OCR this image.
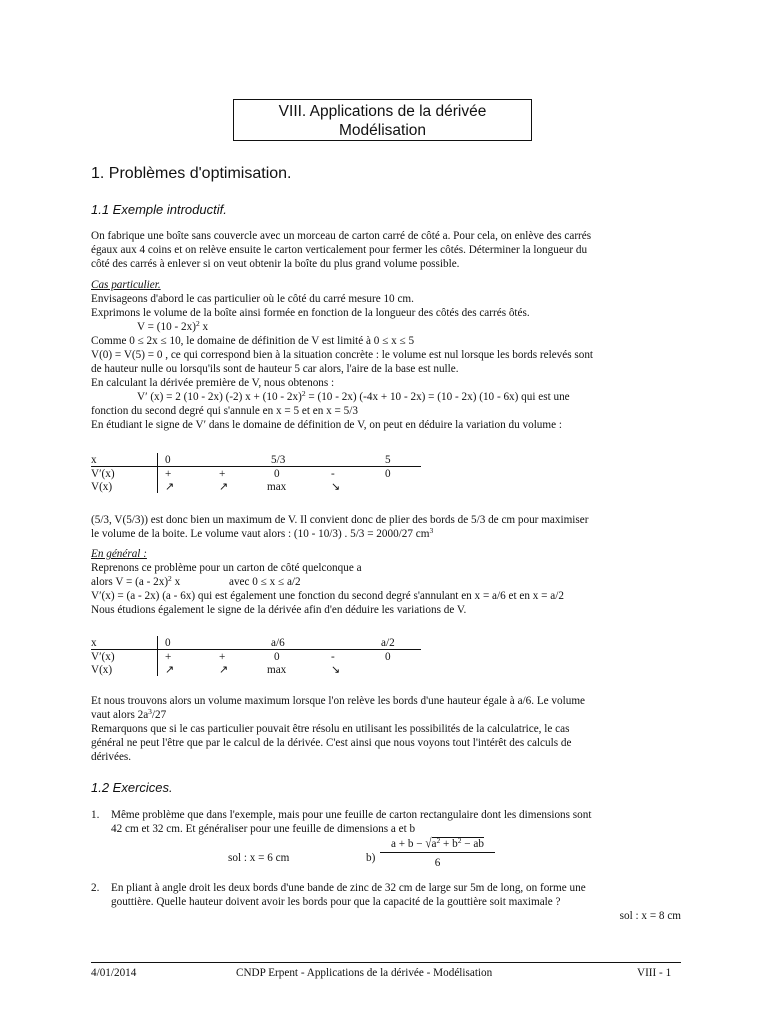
VIII. Applications de la dérivée
Modélisation
1. Problèmes d'optimisation.
1.1 Exemple introductif.
On fabrique une boîte sans couvercle avec un morceau de carton carré de côté a. Pour cela, on enlève des carrés
égaux aux 4 coins et on relève ensuite le carton verticalement pour fermer les côtés. Déterminer la longueur du
côté des carrés à enlever si on veut obtenir la boîte du plus grand volume possible.
Cas particulier.
Envisageons d'abord le cas particulier où le côté du carré mesure 10 cm.
Exprimons le volume de la boîte ainsi formée en fonction de la longueur des côtés des carrés ôtés.
V = (10 - 2x)$^2$ x
Comme 0 ≤ 2x ≤ 10, le domaine de définition de V est limité à 0 ≤ x ≤ 5
V(0) = V(5) = 0 , ce qui correspond bien à la situation concrète : le volume est nul lorsque les bords relevés sont
de hauteur nulle ou lorsqu'ils sont de hauteur 5 car alors, l'aire de la base est nulle.
En calculant la dérivée première de V, nous obtenons :
V′ (x) = 2 (10 - 2x) (-2) x + (10 - 2x)$^2$ = (10 - 2x) (-4x + 10 - 2x) = (10 - 2x) (10 - 6x) qui est une
fonction du second degré qui s'annule en x = 5 et en x = 5/3
En étudiant le signe de V′ dans le domaine de définition de V, on peut en déduire la variation du volume :
x	0	5/3	5
V′(x)	+	+	0	-	0
V(x)	↗	↗	max	↘
(5/3, V(5/3)) est donc bien un maximum de V. Il convient donc de plier des bords de 5/3 de cm pour maximiser
le volume de la boite. Le volume vaut alors : (10 - 10/3) . 5/3 = 2000/27 $cm^3$
En général :
Reprenons ce problème pour un carton de côté quelconque a
alors V = (a - 2x)$^2$ x	avec 0 ≤ x ≤ a/2
V′(x) = (a - 2x) (a - 6x) qui est également une fonction du second degré s'annulant en x = a/6 et en x = a/2
Nous étudions également le signe de la dérivée afin d'en déduire les variations de V.
x	0	a/6	a/2
V′(x)	+	+	0	-	0
V(x)	↗	↗	max	↘
Et nous trouvons alors un volume maximum lorsque l'on relève les bords d'une hauteur égale à a/6. Le volume
vaut alors $2a^3/27$
Remarquons que si le cas particulier pouvait être résolu en utilisant les possibilités de la calculatrice, le cas
général ne peut l'être que par le calcul de la dérivée. C'est ainsi que nous voyons tout l'intérêt des calculs de
dérivées.
1.2 Exercices.
1. Même problème que dans l'exemple, mais pour une feuille de carton rectangulaire dont les dimensions sont
42 cm et 32 cm. Et généraliser pour une feuille de dimensions a et b
sol : x = 6 cm	$b) \frac{a + b - √a^2 + b^2 - ab}{6}$
2. En pliant à angle droit les deux bords d'une bande de zinc de 32 cm de large sur 5m de long, on forme une
gouttière. Quelle hauteur doivent avoir les bords pour que la capacité de la gouttière soit maximale ?
sol : x = 8 cm
4/01/2014	CNDP Erpent - Applications de la dérivée - Modélisation	VIII - 1
